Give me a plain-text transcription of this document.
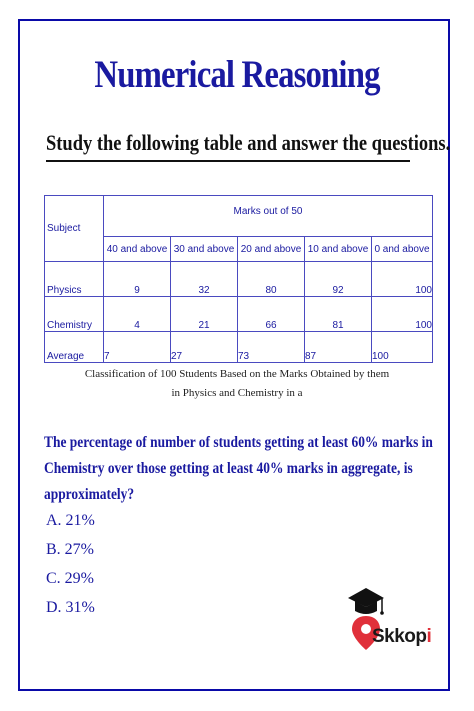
Numerical Reasoning
Study the following table and answer the questions.
Subject	Marks out of 50				
	40 and above	30 and above	20 and above	10 and above	0 and above
Physics	9	32	80	92	100
Chemistry	4	21	66	81	100
Average	7	27	73	87	100
Classification of 100 Students Based on the Marks Obtained by them
in Physics and Chemistry in a
The percentage of number of students getting at least 60% marks in Chemistry over those getting at least 40% marks in aggregate, is approximately?
A. 21%
B. 27%
C. 29%
D. 31%
Skkopi
